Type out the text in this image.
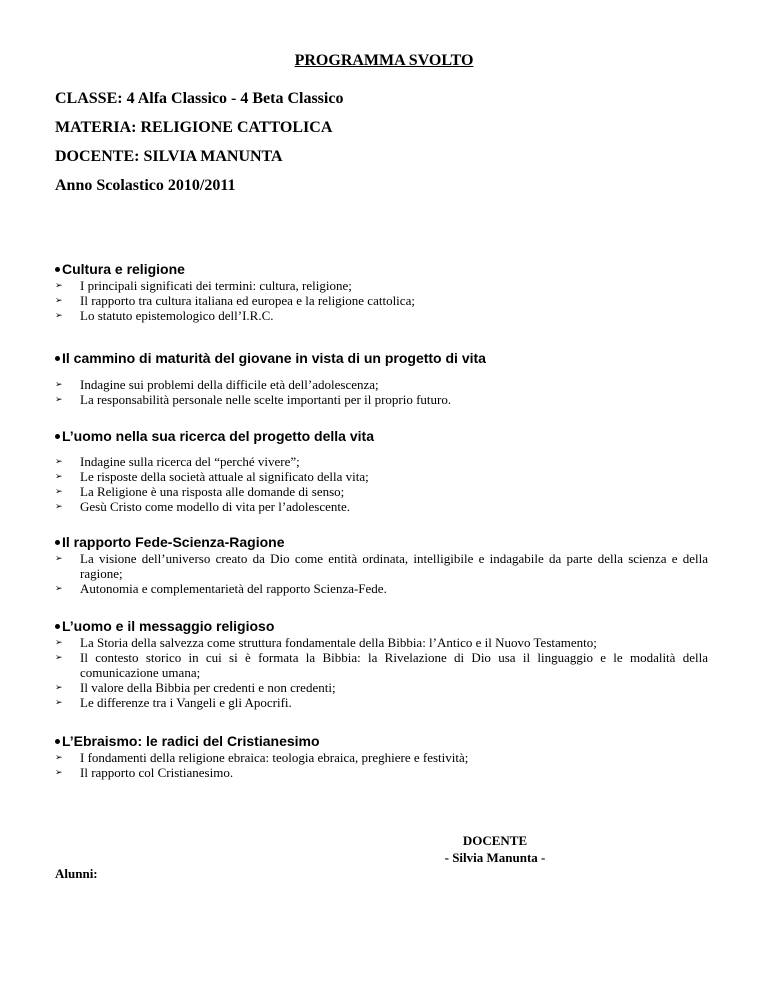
PROGRAMMA SVOLTO
CLASSE: 4 Alfa Classico - 4 Beta Classico
MATERIA: RELIGIONE CATTOLICA
DOCENTE: SILVIA MANUNTA
Anno Scolastico 2010/2011
Cultura e religione
➢ I principali significati dei termini: cultura, religione;
➢ Il rapporto tra cultura italiana ed europea e la religione cattolica;
➢ Lo statuto epistemologico dell’I.R.C.
Il cammino di maturità del giovane in vista di un progetto di vita
➢ Indagine sui problemi della difficile età dell’adolescenza;
➢ La responsabilità personale nelle scelte importanti per il proprio futuro.
L’uomo nella sua ricerca del progetto della vita
➢ Indagine sulla ricerca del “perché vivere”;
➢ Le risposte della società attuale al significato della vita;
➢ La Religione è una risposta alle domande di senso;
➢ Gesù Cristo come modello di vita per l’adolescente.
Il rapporto Fede-Scienza-Ragione
➢ La visione dell’universo creato da Dio come entità ordinata, intelligibile e indagabile da parte della scienza e della ragione;
➢ Autonomia e complementarietà del rapporto Scienza-Fede.
L’uomo e il messaggio religioso
➢ La Storia della salvezza come struttura fondamentale della Bibbia: l’Antico e il Nuovo Testamento;
➢ Il contesto storico in cui si è formata la Bibbia: la Rivelazione di Dio usa il linguaggio e le modalità della comunicazione umana;
➢ Il valore della Bibbia per credenti e non credenti;
➢ Le differenze tra i Vangeli e gli Apocrifi.
L’Ebraismo: le radici del Cristianesimo
➢ I fondamenti della religione ebraica: teologia ebraica, preghiere e festività;
➢ Il rapporto col Cristianesimo.
DOCENTE
- Silvia Manunta -
Alunni:
